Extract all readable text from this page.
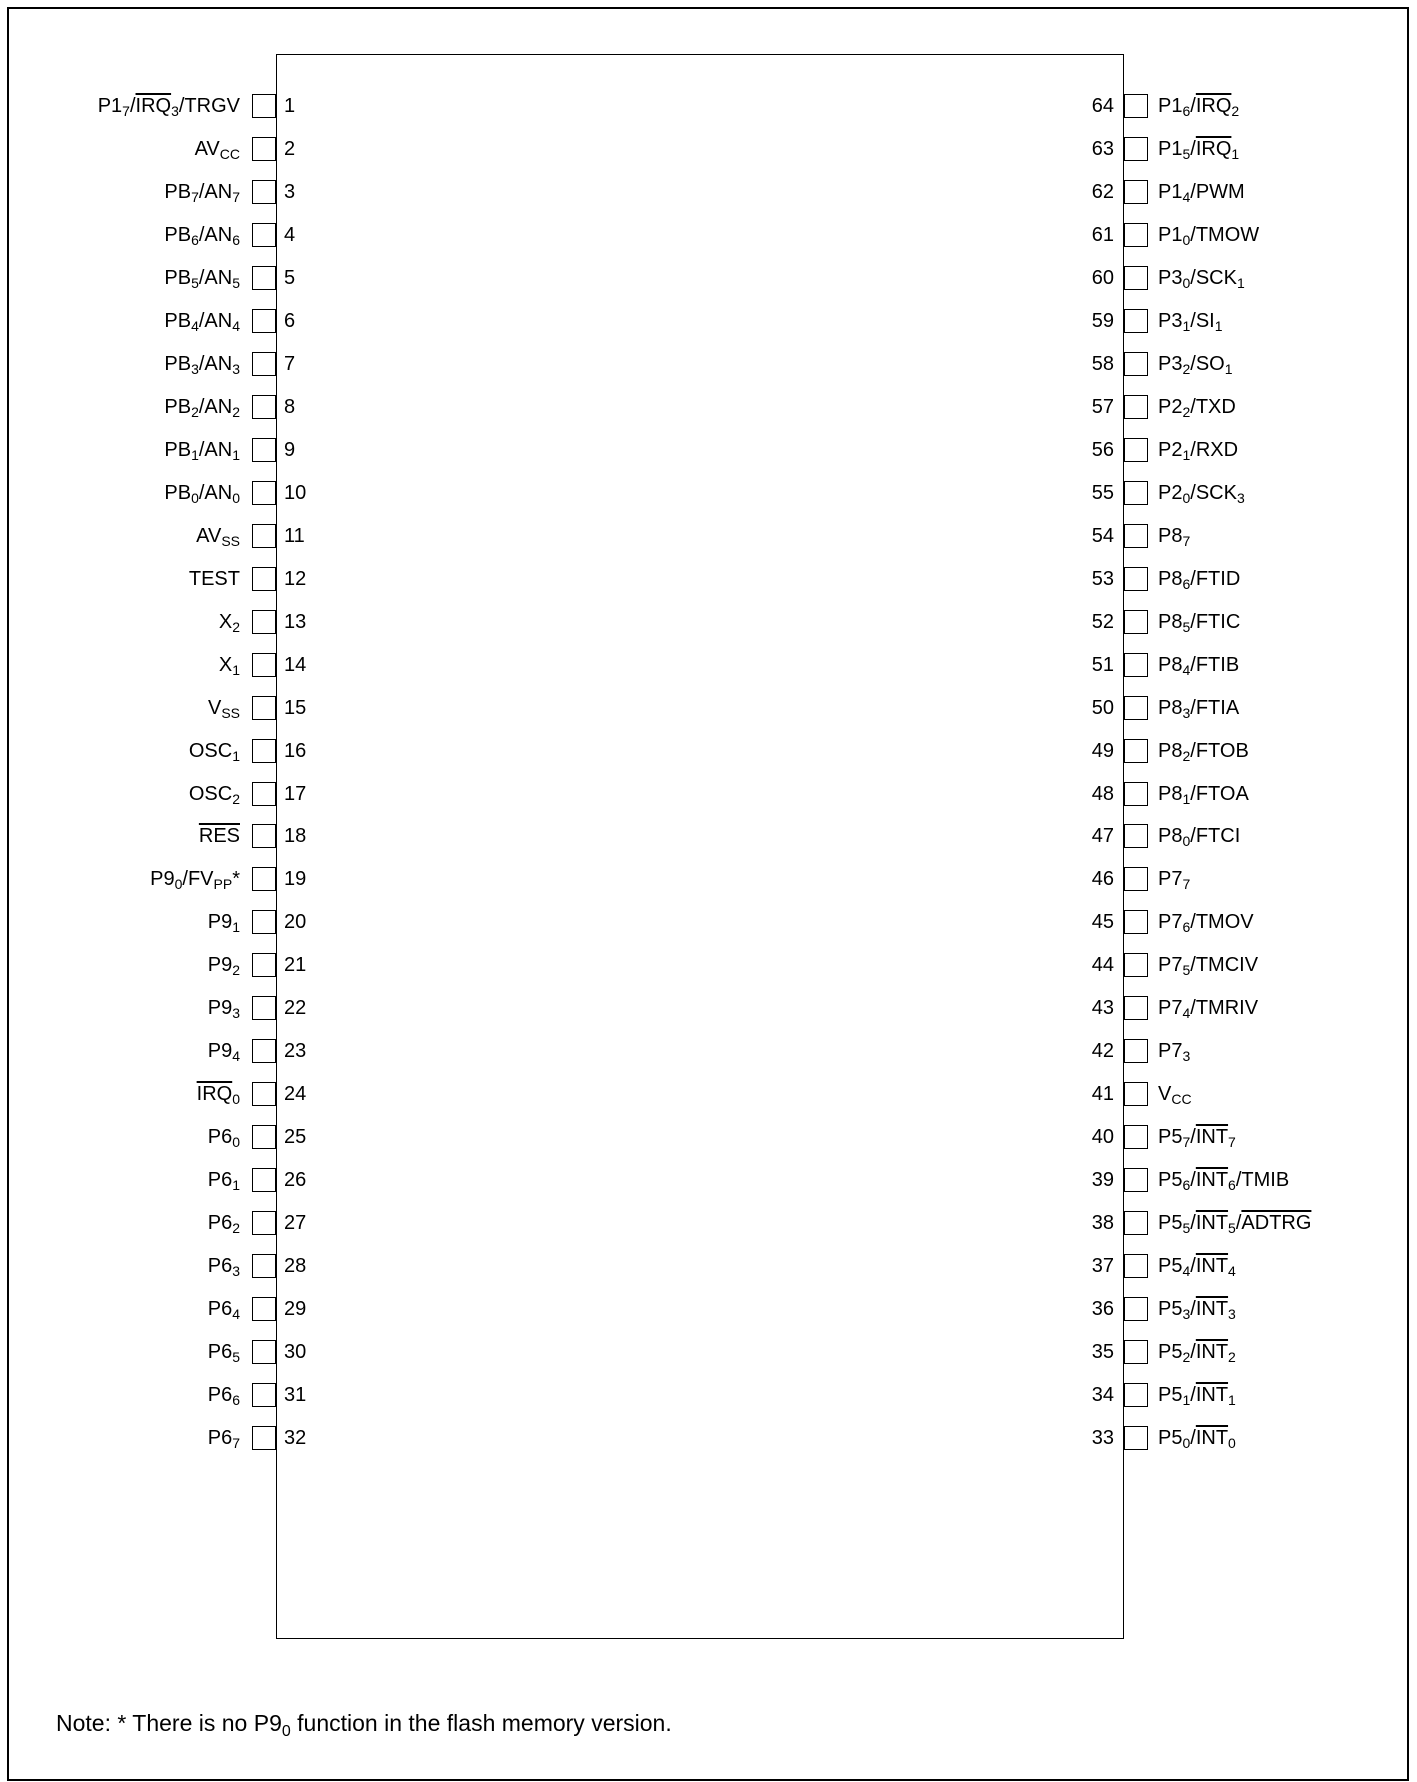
$P1_7/\overline{IRQ}_3$/TRGV 1
$AV_{CC}$ 2
$PB_7/AN_7$ 3
$PB_6/AN_6$ 4
$PB_5/AN_5$ 5
$PB_4/AN_4$ 6
$PB_3/AN_3$ 7
$PB_2/AN_2$ 8
$PB_1/AN_1$ 9
$PB_0/AN_0$ 10
$AV_{SS}$ 11
TEST 12
$X_2$ 13
$X_1$ 14
$V_{SS}$ 15
$OSC_1$ 16
$OSC_2$ 17
$\overline{RES}$ 18
$P9_0/FV_{PP}*$ 19
$P9_1$ 20
$P9_2$ 21
$P9_3$ 22
$P9_4$ 23
$\overline{IRQ}_0$ 24
$P6_0$ 25
$P6_1$ 26
$P6_2$ 27
$P6_3$ 28
$P6_4$ 29
$P6_5$ 30
$P6_6$ 31
$P6_7$ 32
64 $P1_6/\overline{IRQ}_2$
63 $P1_5/\overline{IRQ}_1$
62 $P1_4$/PWM
61 $P1_0$/TMOW
60 $P3_0/SCK_1$
59 $P3_1/SI_1$
58 $P3_2/SO_1$
57 $P2_2$/TXD
56 $P2_1$/RXD
55 $P2_0/SCK_3$
54 $P8_7$
53 $P8_6$/FTID
52 $P8_5$/FTIC
51 $P8_4$/FTIB
50 $P8_3$/FTIA
49 $P8_2$/FTOB
48 $P8_1$/FTOA
47 $P8_0$/FTCI
46 $P7_7$
45 $P7_6$/TMOV
44 $P7_5$/TMCIV
43 $P7_4$/TMRIV
42 $P7_3$
41 $V_{CC}$
40 $P5_7/\overline{INT}_7$
39 $P5_6/\overline{INT}_6$/TMIB
38 $P5_5/\overline{INT}_5$/ADTRG
37 $P5_4/\overline{INT}_4$
36 $P5_3/\overline{INT}_3$
35 $P5_2/\overline{INT}_2$
34 $P5_1/\overline{INT}_1$
33 $P5_0/\overline{INT}_0$
Note: * There is no $P9_0$ function in the flash memory version.
